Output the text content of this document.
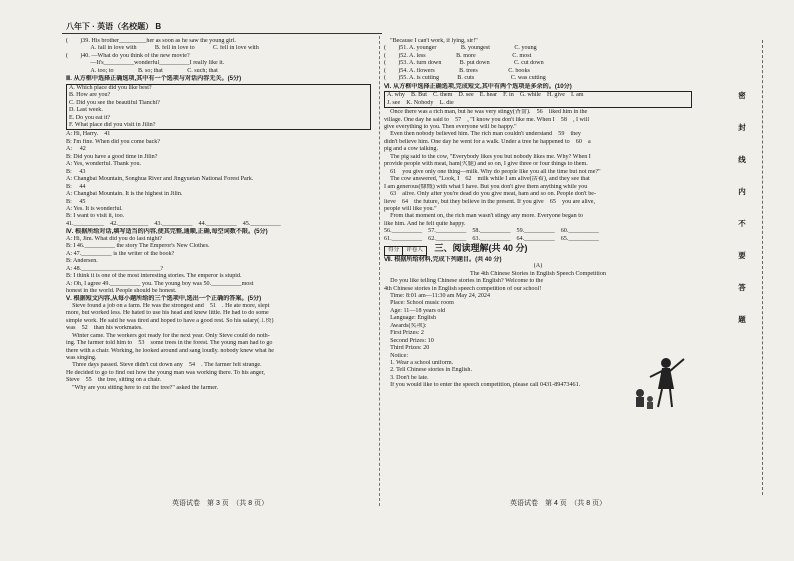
八年下 · 英语（名校题） B
(　　)39. His brother_________her as soon as he saw the young girl.
　　　　A. fall in love with　　　B. fell in love to　　　C. fell in love with
(　　)40. —What do you think of the new movie?
　　　　—It's__________wonderful__________I really like it.
　　　　A. too; to　　　　B. so; that　　　　C. such; that
Ⅲ. 从方框中选择正确选项,其中有一个选项与对话内容无关。(5分)
A. Which place did you like best?
B. How are you?
C. Did you see the beautiful Tianchi?
D. Last week.
E. Do you eat it?
F. What place did you visit in Jilin?
A: Hi, Harry.　41
B: I'm fine. When did you come back?
A: 　42
B: Did you have a good time in Jilin?
A: Yes, wonderful. Thank you.
B: 　43
A: Changbai Mountain, Songhua River and Jingyuetan National Forest Park.
B: 　44
A: Changbai Mountain. It is the highest in Jilin.
B: 　45
A: Yes. It is wonderful.
B: I want to visit it, too.
41.__________　42.__________　43.__________　44.__________　45.__________
Ⅳ. 根据所给对话,填写适当的内容,使其完整,通顺,正确,每空词数不限。(5分)
A: Hi, Jim. What did you do last night?
B: I 46.__________ the story The Emperor's New Clothes.
A: 47.__________ is the writer of the book?
B: Andersen.
A: 48.__________________________?
B: I think it is one of the most interesting stories. The emperor is stupid.
A: Oh, I agree 49.__________ you. The young boy was 50.__________most
honest in the world. People should be honest.
Ⅴ. 根据短文内容,从每小题所给的三个选项中,选出一个正确的答案。(5分)
　Steve found a job on a farm. He was the strongest and　51　. He ate more, slept
more, but worked less. He hated to use his head and knew little. He had to do some
simple work. He said he was tired and hoped to have a good rest. So his salary(工资)
was　52　than his workmates.
　Winter came. The workers got ready for the next year. Only Steve could do noth-
ing. The farmer told him to　53　some trees in the forest. The young man had to go
there with a chair. Working, he looked around and sang loudly. nobody knew what he
was singing.
　Three days passed. Steve didn't cut down any　54　. The farmer felt strange.
He decided to go to find out how the young man was working there. To his anger,
Steve　55　the tree, sitting on a chair.
　"Why are you sitting here to cut the tree?" asked the farmer.
　"Because I can't work, if lying, sir!"
(　　)51. A. younger　　　　B. youngest　　　　C. young
(　　)52. A. less　　　　　B. more　　　　　　C. most
(　　)53. A. turn down　　　B. put down　　　　C. cut down
(　　)54. A. flowers　　　　B. trees　　　　　C. books
(　　)55. A. is cutting　　　B. cuts　　　　　　C. was cutting
Ⅵ. 从方框中选择正确选项,完成短文,其中有两个选项是多余的。(10分)
A. why　B. But　C. them　D. see　E. hear　F. in　G. while　H. give　I. am
J. see　K. Nobody　L. die
　Once there was a rich man, but he was very stingy(吝啬).　56　liked him in the
village. One day he said to　57　, "I know you don't like me. When I　58　, I will
give everything to you. Then everyone will be happy."
　Even then nobody believed him. The rich man couldn't understand　59　they
didn't believe him. One day he went for a walk. Under a tree he happened to　60　a
pig and a cow talking.
　The pig said to the cow, "Everybody likes you but nobody likes me. Why? When I
provide people with meat, ham(火腿) and so on, I give three or four things to them.
　61　you give only one thing—milk. Why do people like you all the time but not me?"
　The cow answered, "Look, I　62　milk while I am alive(活着), and they see that
I am generous(慷慨) with what I have. But you don't give them anything while you
　63　alive. Only after you're dead do you give meat, ham and so on. People don't be-
lieve　64　the future, but they believe in the present. If you give　65　you are alive,
people will like you."
　From that moment on, the rich man wasn't stingy any more. Everyone began to
like him. And he felt quite happy.
56.__________　57.__________　58.__________　59.__________　60.__________
61.__________　62.__________　63.__________　64.__________　65.__________
得分 评卷人 三、阅读理解(共 40 分)
Ⅶ. 根据所给材料,完成下列题目。(共 40 分)
(A)
The 4th Chinese Stories in English Speech Competition
　Do you like telling Chinese stories in English? Welcome to the
4th Chinese stories in English speech competition of our school!
　Time: 8:01 am—11:30 am May 24, 2024
　Place: School music room
　Age: 11—18 years old
　Language: English
　Awards(奖项):
　First Prizes: 2
　Second Prizes: 10
　Third Prizes: 20
　Notice:
　1. Wear a school uniform.
　2. Tell Chinese stories in English.
　3. Don't be late.
　If you would like to enter the speech competition, please call 0431-89473461.
英语试卷　第 3 页　（共 8 页）	英语试卷　第 4 页　（共 8 页）
密
封
线
内
不
要
答
题
